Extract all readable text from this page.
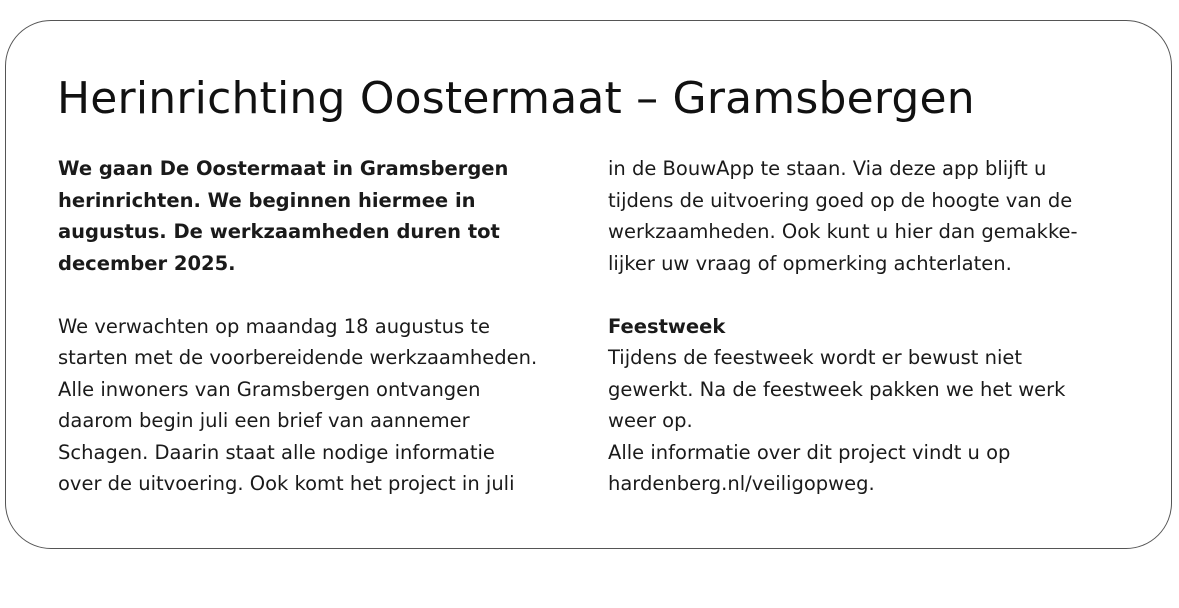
Herinrichting Oostermaat – Gramsbergen
We gaan De Oostermaat in Gramsbergen
herinrichten. We beginnen hiermee in
augustus. De werkzaamheden duren tot
december 2025.
We verwachten op maandag 18 augustus te
starten met de voorbereidende werkzaamheden.
Alle inwoners van Gramsbergen ontvangen
daarom begin juli een brief van aannemer
Schagen. Daarin staat alle nodige informatie
over de uitvoering. Ook komt het project in juli
in de BouwApp te staan. Via deze app blijft u
tijdens de uitvoering goed op de hoogte van de
werkzaamheden. Ook kunt u hier dan gemakke-
lijker uw vraag of opmerking achterlaten.
Feestweek
Tijdens de feestweek wordt er bewust niet
gewerkt. Na de feestweek pakken we het werk
weer op.
Alle informatie over dit project vindt u op
hardenberg.nl/veiligopweg.
